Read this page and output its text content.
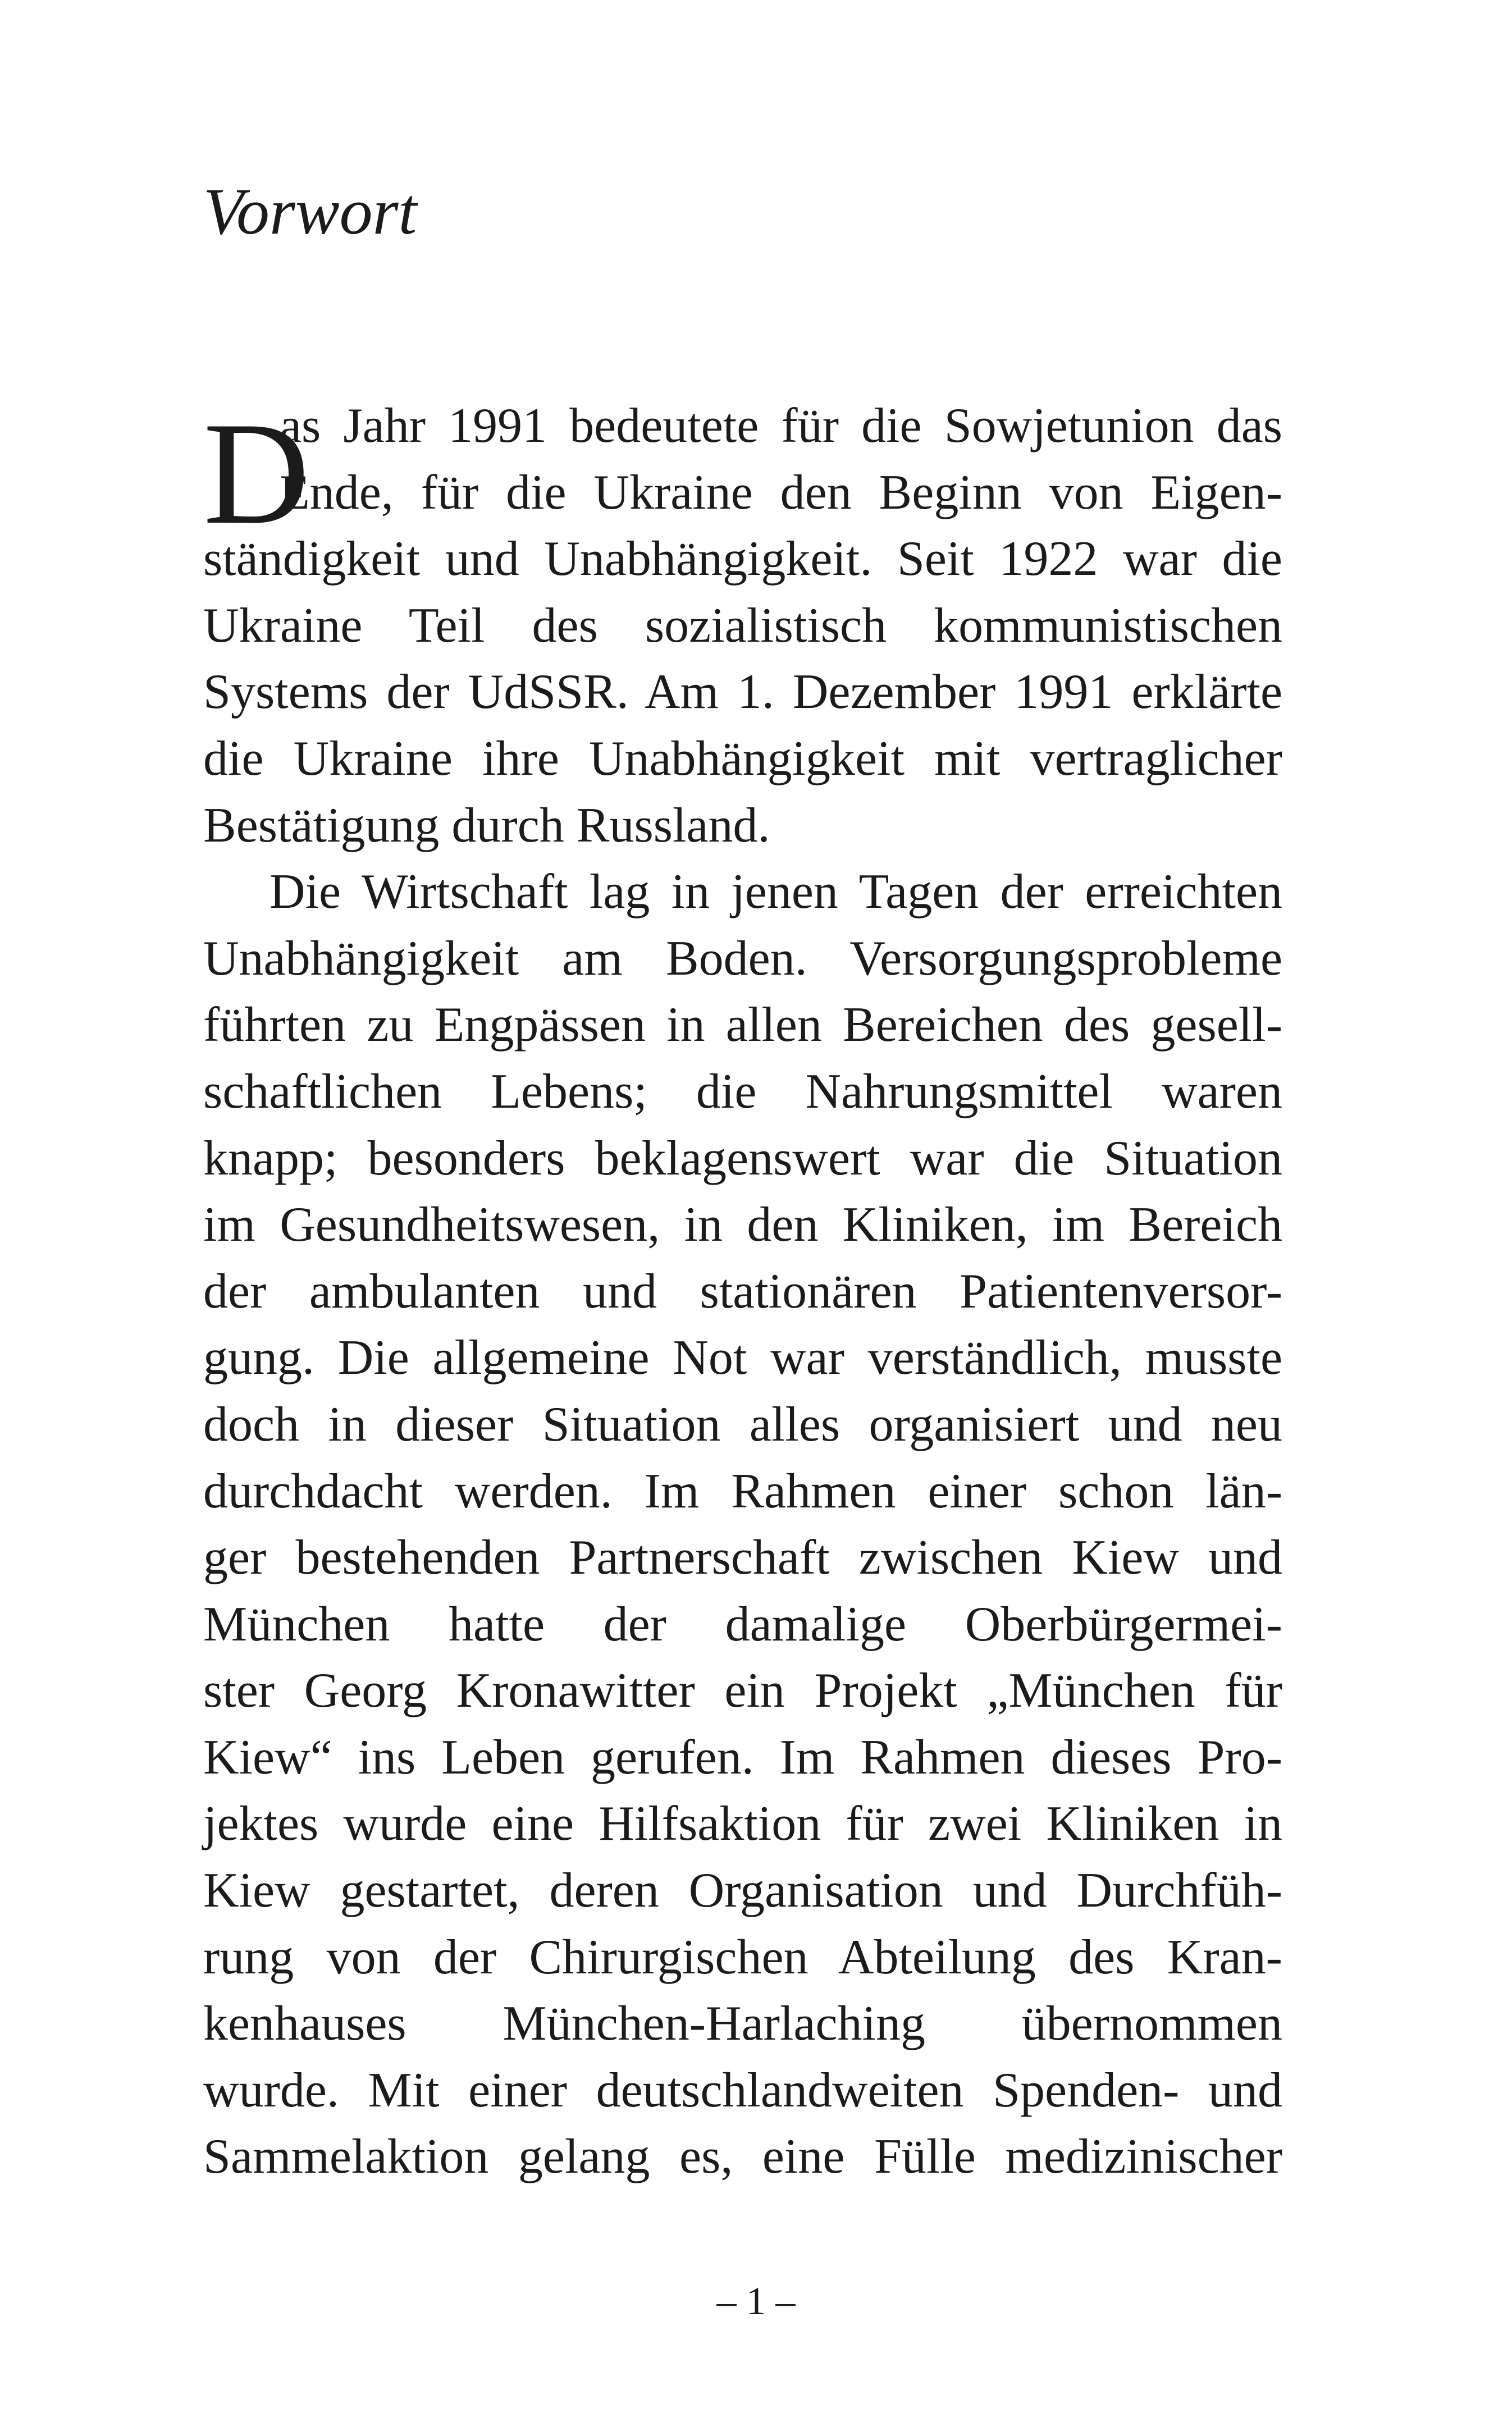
Vorwort
D
as Jahr 1991 bedeutete für die Sowjetunion das
Ende, für die Ukraine den Beginn von Eigen-
ständigkeit und Unabhängigkeit. Seit 1922 war die
Ukraine Teil des sozialistisch kommunistischen
Systems der UdSSR. Am 1. Dezember 1991 erklärte
die Ukraine ihre Unabhängigkeit mit vertraglicher
Bestätigung durch Russland.
Die Wirtschaft lag in jenen Tagen der erreichten
Unabhängigkeit am Boden. Versorgungsprobleme
führten zu Engpässen in allen Bereichen des gesell-
schaftlichen Lebens; die Nahrungsmittel waren
knapp; besonders beklagenswert war die Situation
im Gesundheitswesen, in den Kliniken, im Bereich
der ambulanten und stationären Patientenversor-
gung. Die allgemeine Not war verständlich, musste
doch in dieser Situation alles organisiert und neu
durchdacht werden. Im Rahmen einer schon län-
ger bestehenden Partnerschaft zwischen Kiew und
München hatte der damalige Oberbürgermei-
ster Georg Kronawitter ein Projekt „München für
Kiew“ ins Leben gerufen. Im Rahmen dieses Pro-
jektes wurde eine Hilfsaktion für zwei Kliniken in
Kiew gestartet, deren Organisation und Durchfüh-
rung von der Chirurgischen Abteilung des Kran-
kenhauses München-Harlaching übernommen
wurde. Mit einer deutschlandweiten Spenden- und
Sammelaktion gelang es, eine Fülle medizinischer
– 1 –
